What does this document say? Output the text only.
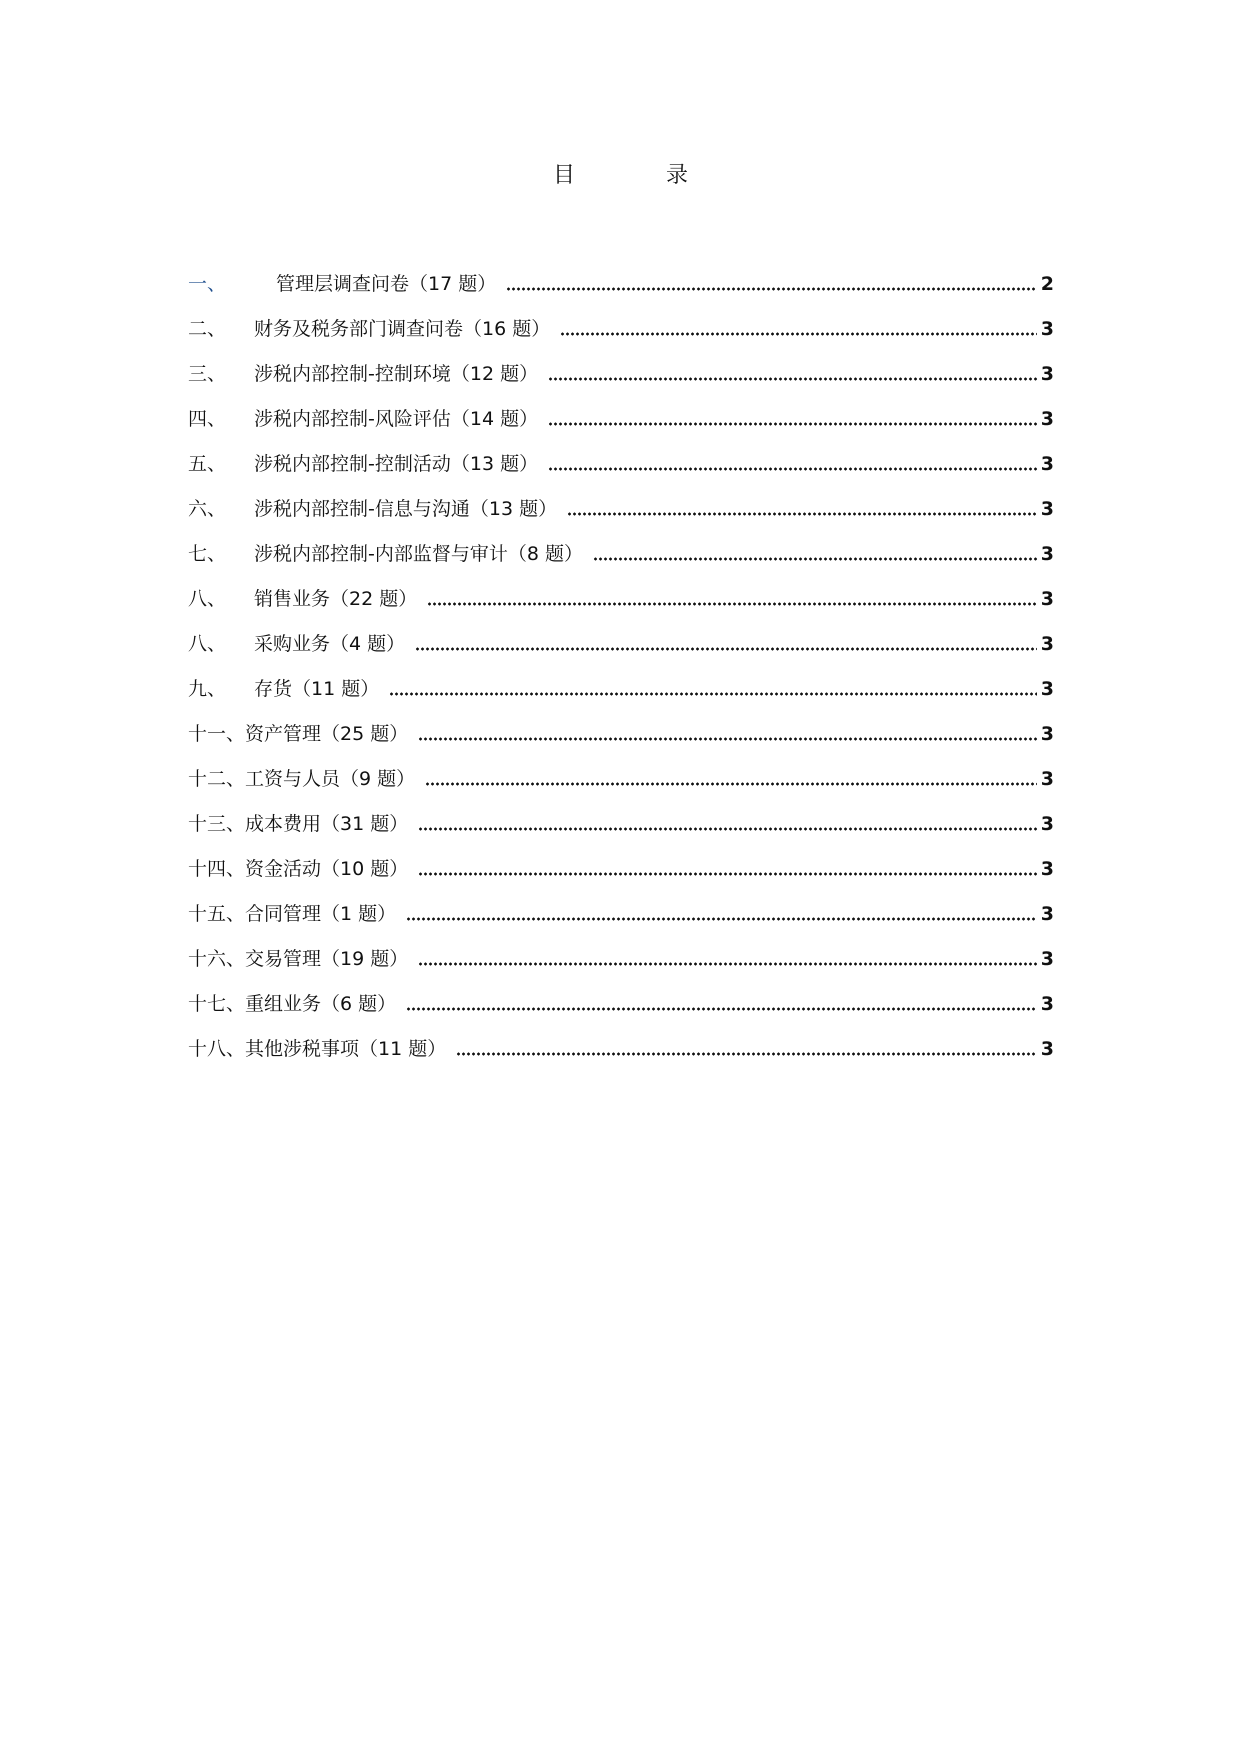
目 录
一、	管理层调查问卷（17 题）	2
二、	财务及税务部门调查问卷（16 题）	3
三、	涉税内部控制-控制环境（12 题）	3
四、	涉税内部控制-风险评估（14 题）	3
五、	涉税内部控制-控制活动（13 题）	3
六、	涉税内部控制-信息与沟通（13 题）	3
七、	涉税内部控制-内部监督与审计（8 题）	3
八、	销售业务（22 题）	3
八、	采购业务（4 题）	3
九、	存货（11 题）	3
十一、 资产管理（25 题）	3
十二、 工资与人员（9 题）	3
十三、 成本费用（31 题）	3
十四、 资金活动（10 题）	3
十五、 合同管理（1 题）	3
十六、 交易管理（19 题）	3
十七、 重组业务（6 题）	3
十八、 其他涉税事项（11 题）	3
